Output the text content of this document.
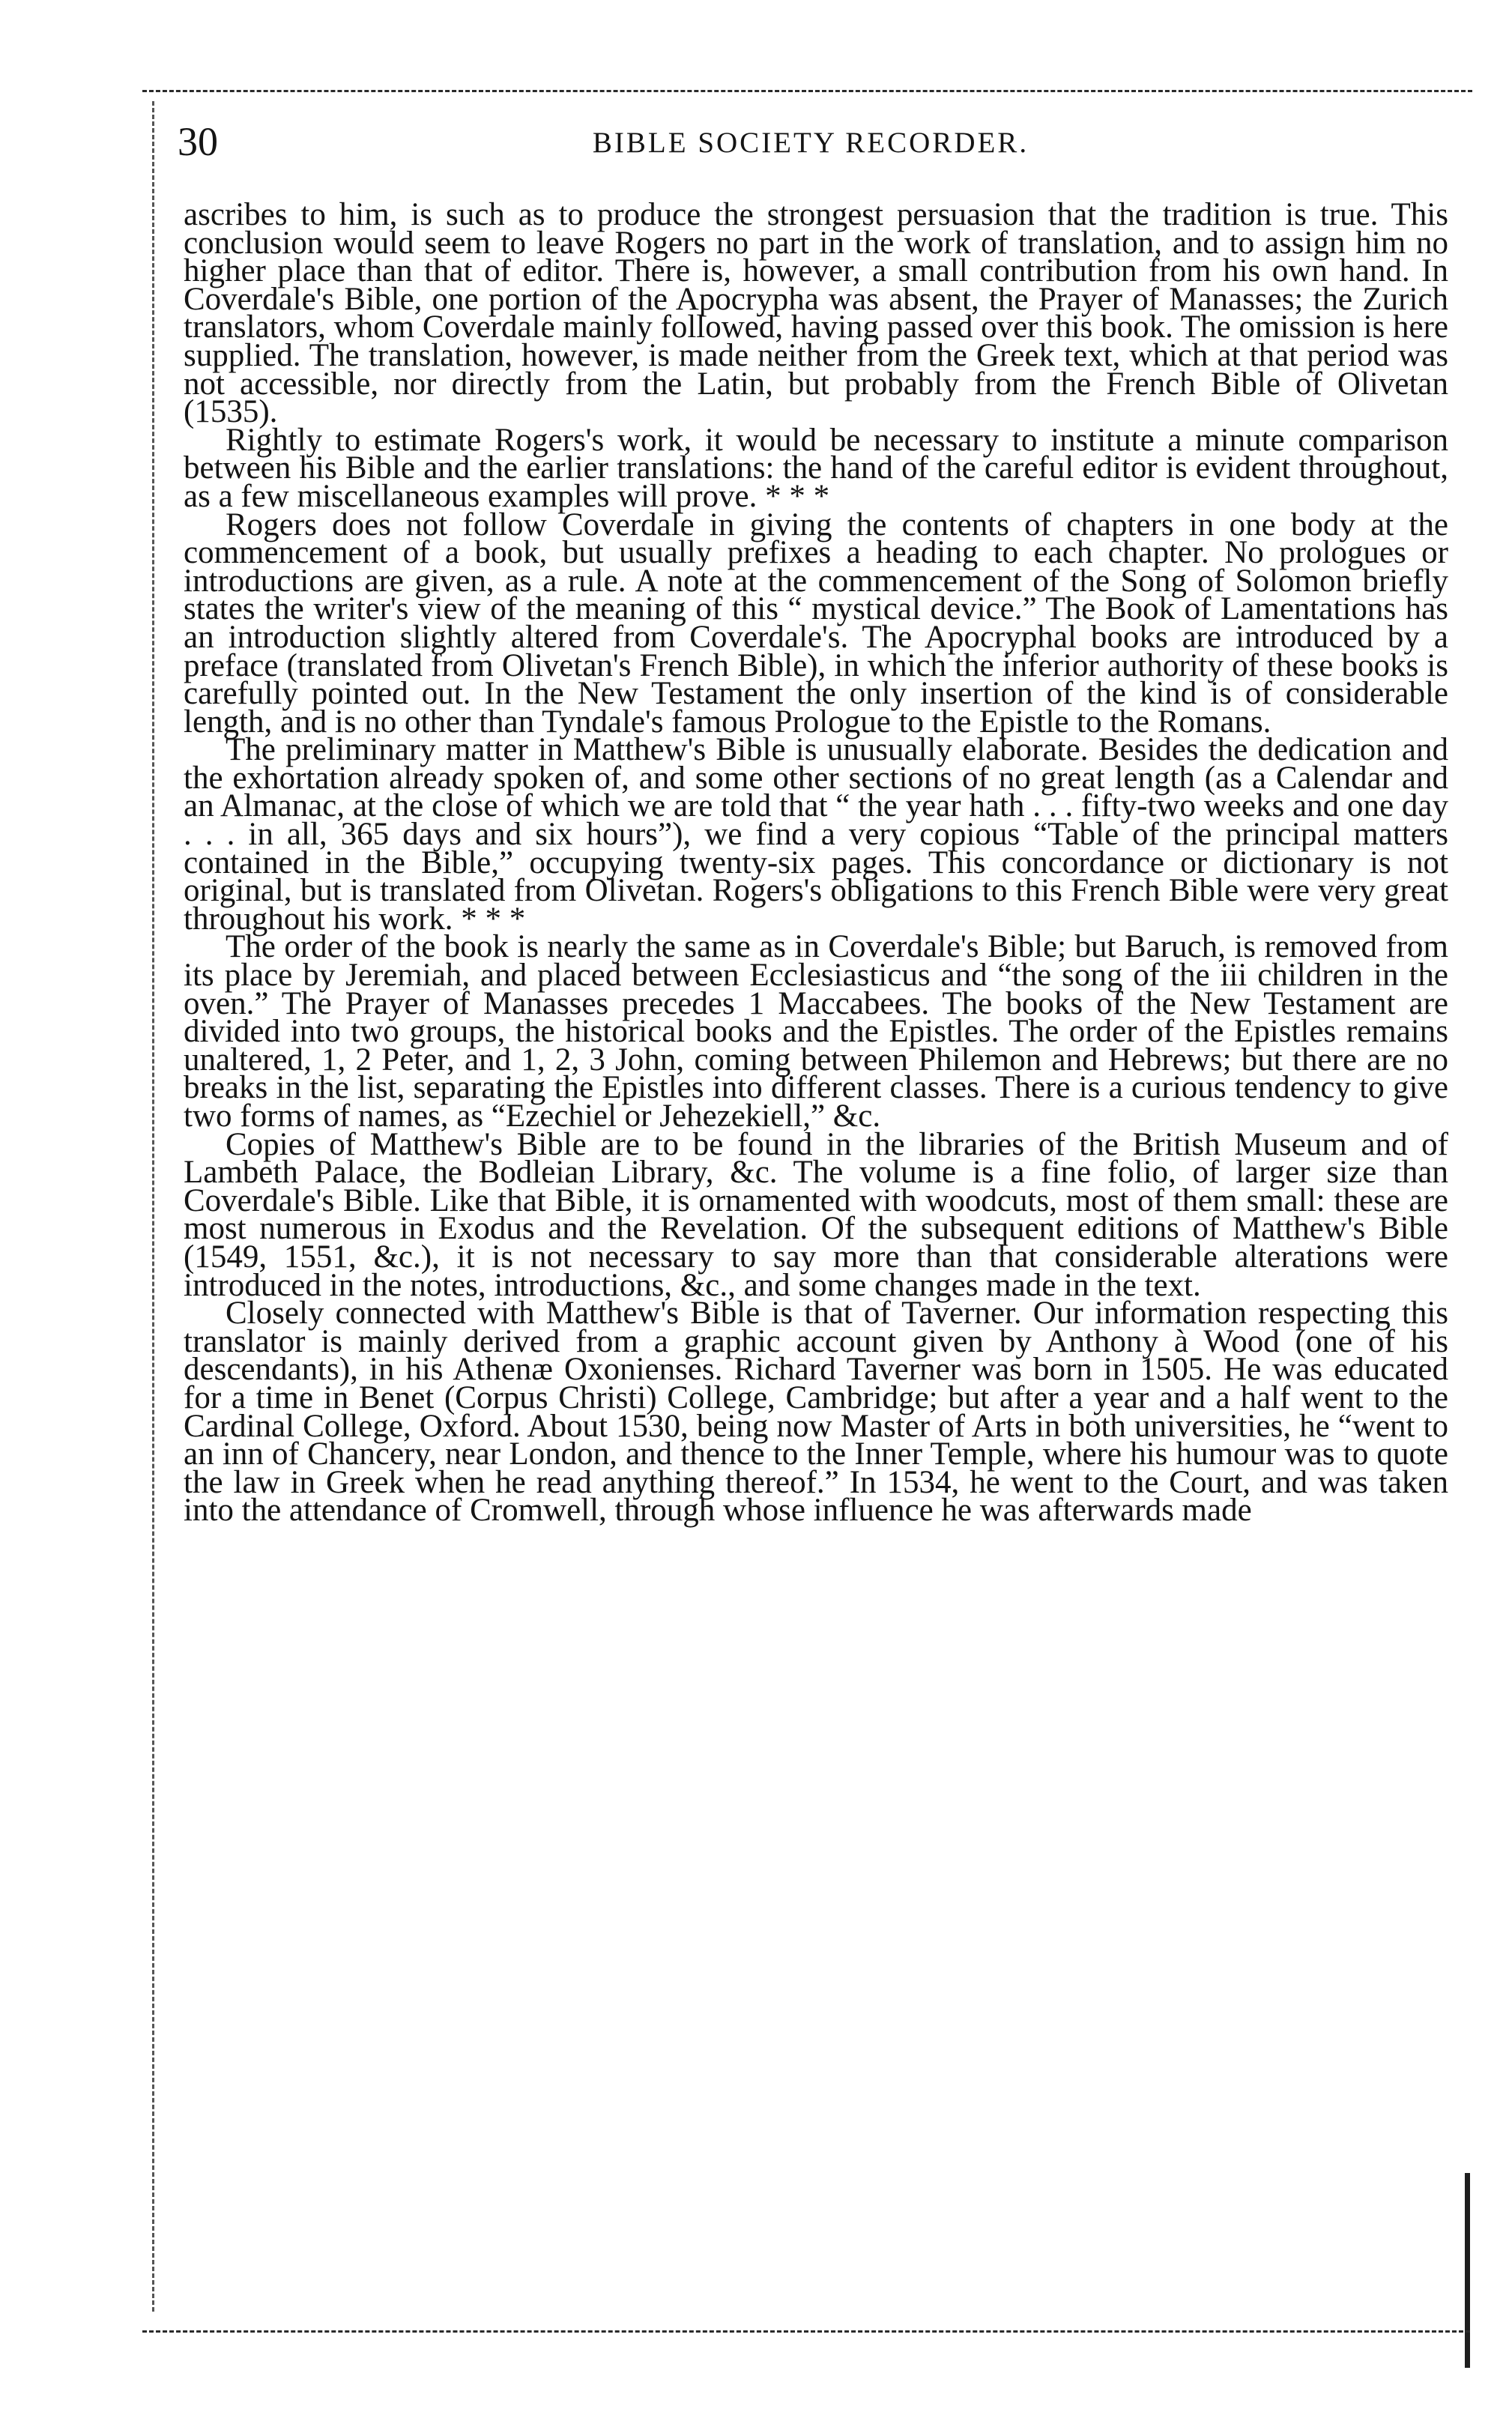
30	BIBLE SOCIETY RECORDER.

ascribes to him, is such as to produce the strongest persuasion that the tradition is true. This conclusion would seem to leave Rogers no part in the work of translation, and to assign him no higher place than that of editor. There is, however, a small contribution from his own hand. In Coverdale's Bible, one portion of the Apocrypha was absent, the Prayer of Manasses; the Zurich translators, whom Coverdale mainly followed, having passed over this book. The omission is here supplied. The translation, however, is made neither from the Greek text, which at that period was not accessible, nor directly from the Latin, but probably from the French Bible of Olivetan (1535).

Rightly to estimate Rogers's work, it would be necessary to institute a minute comparison between his Bible and the earlier translations: the hand of the careful editor is evident throughout, as a few miscellaneous examples will prove. * * *

Rogers does not follow Coverdale in giving the contents of chapters in one body at the commencement of a book, but usually prefixes a heading to each chapter. No prologues or introductions are given, as a rule. A note at the commencement of the Song of Solomon briefly states the writer's view of the meaning of this “ mystical device.” The Book of Lamentations has an introduction slightly altered from Coverdale's. The Apocryphal books are introduced by a preface (translated from Olivetan's French Bible), in which the inferior authority of these books is carefully pointed out. In the New Testament the only insertion of the kind is of considerable length, and is no other than Tyndale's famous Prologue to the Epistle to the Romans.

The preliminary matter in Matthew's Bible is unusually elaborate. Besides the dedication and the exhortation already spoken of, and some other sections of no great length (as a Calendar and an Almanac, at the close of which we are told that “ the year hath . . . fifty-two weeks and one day . . . in all, 365 days and six hours”), we find a very copious “Table of the principal matters contained in the Bible,” occupying twenty-six pages. This concordance or dictionary is not original, but is translated from Olivetan. Rogers's obligations to this French Bible were very great throughout his work. * * *

The order of the book is nearly the same as in Coverdale's Bible; but Baruch, is removed from its place by Jeremiah, and placed between Ecclesiasticus and “the song of the iii children in the oven.” The Prayer of Manasses precedes 1 Maccabees. The books of the New Testament are divided into two groups, the historical books and the Epistles. The order of the Epistles remains unaltered, 1, 2 Peter, and 1, 2, 3 John, coming between Philemon and Hebrews; but there are no breaks in the list, separating the Epistles into different classes. There is a curious tendency to give two forms of names, as “Ezechiel or Jehezekiell,” &c.

Copies of Matthew's Bible are to be found in the libraries of the British Museum and of Lambeth Palace, the Bodleian Library, &c. The volume is a fine folio, of larger size than Coverdale's Bible. Like that Bible, it is ornamented with woodcuts, most of them small: these are most numerous in Exodus and the Revelation. Of the subsequent editions of Matthew's Bible (1549, 1551, &c.), it is not necessary to say more than that considerable alterations were introduced in the notes, introductions, &c., and some changes made in the text.

Closely connected with Matthew's Bible is that of Taverner. Our information respecting this translator is mainly derived from a graphic account given by Anthony à Wood (one of his descendants), in his Athenæ Oxonienses. Richard Taverner was born in 1505. He was educated for a time in Benet (Corpus Christi) College, Cambridge; but after a year and a half went to the Cardinal College, Oxford. About 1530, being now Master of Arts in both universities, he “went to an inn of Chancery, near London, and thence to the Inner Temple, where his humour was to quote the law in Greek when he read anything thereof.” In 1534, he went to the Court, and was taken into the attendance of Cromwell, through whose influence he was afterwards made
